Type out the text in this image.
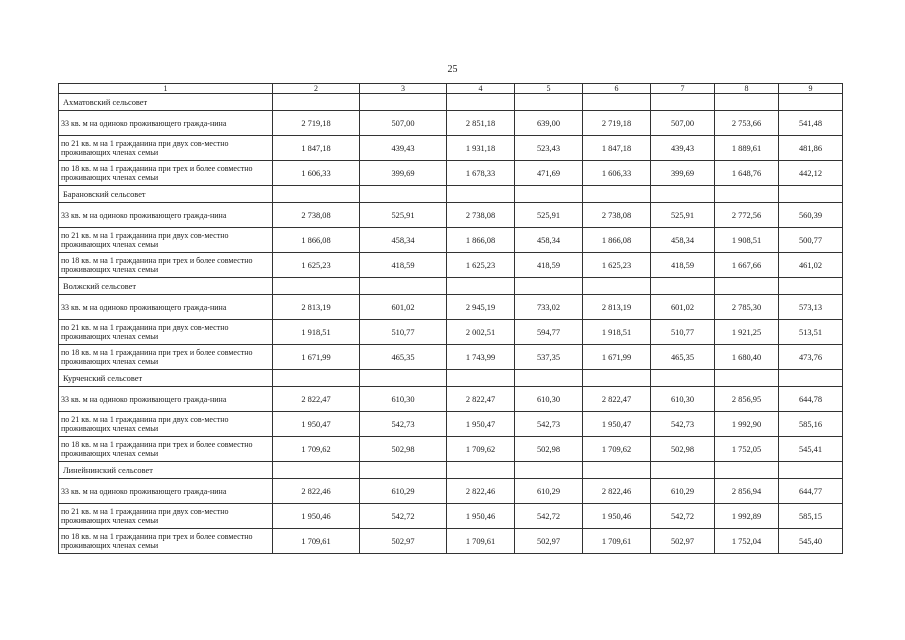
25
1	2	3	4	5	6	7	8	9
Ахматовский сельсовет								
33 кв. м на одиноко проживающего гражда-нина	2 719,18	507,00	2 851,18	639,00	2 719,18	507,00	2 753,66	541,48
по 21 кв. м на 1 гражданина при двух сов-местно проживающих членах семьи	1 847,18	439,43	1 931,18	523,43	1 847,18	439,43	1 889,61	481,86
по 18 кв. м на 1 гражданина при трех и более совместно проживающих членах семьи	1 606,33	399,69	1 678,33	471,69	1 606,33	399,69	1 648,76	442,12
Барановский сельсовет								
33 кв. м на одиноко проживающего гражда-нина	2 738,08	525,91	2 738,08	525,91	2 738,08	525,91	2 772,56	560,39
по 21 кв. м на 1 гражданина при двух сов-местно проживающих членах семьи	1 866,08	458,34	1 866,08	458,34	1 866,08	458,34	1 908,51	500,77
по 18 кв. м на 1 гражданина при трех и более совместно проживающих членах семьи	1 625,23	418,59	1 625,23	418,59	1 625,23	418,59	1 667,66	461,02
Волжский сельсовет								
33 кв. м на одиноко проживающего гражда-нина	2 813,19	601,02	2 945,19	733,02	2 813,19	601,02	2 785,30	573,13
по 21 кв. м на 1 гражданина при двух сов-местно проживающих членах семьи	1 918,51	510,77	2 002,51	594,77	1 918,51	510,77	1 921,25	513,51
по 18 кв. м на 1 гражданина при трех и более совместно проживающих членах семьи	1 671,99	465,35	1 743,99	537,35	1 671,99	465,35	1 680,40	473,76
Курченский сельсовет								
33 кв. м на одиноко проживающего гражда-нина	2 822,47	610,30	2 822,47	610,30	2 822,47	610,30	2 856,95	644,78
по 21 кв. м на 1 гражданина при двух сов-местно проживающих членах семьи	1 950,47	542,73	1 950,47	542,73	1 950,47	542,73	1 992,90	585,16
по 18 кв. м на 1 гражданина при трех и более совместно проживающих членах семьи	1 709,62	502,98	1 709,62	502,98	1 709,62	502,98	1 752,05	545,41
Линейнинский сельсовет								
33 кв. м на одиноко проживающего гражда-нина	2 822,46	610,29	2 822,46	610,29	2 822,46	610,29	2 856,94	644,77
по 21 кв. м на 1 гражданина при двух сов-местно проживающих членах семьи	1 950,46	542,72	1 950,46	542,72	1 950,46	542,72	1 992,89	585,15
по 18 кв. м на 1 гражданина при трех и более совместно проживающих членах семьи	1 709,61	502,97	1 709,61	502,97	1 709,61	502,97	1 752,04	545,40
